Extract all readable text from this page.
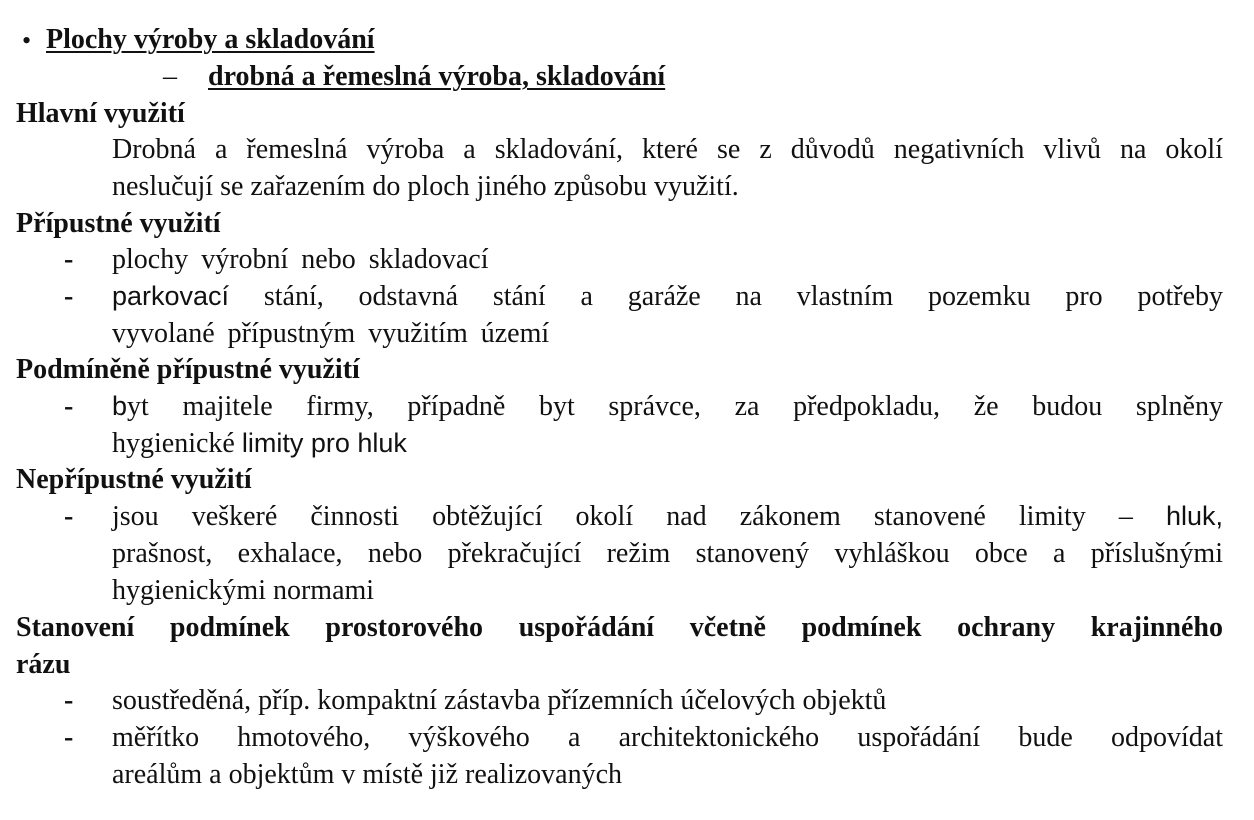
• Plochy výroby a skladování
– drobná a řemeslná výroba, skladování
Hlavní využití
Drobná a řemeslná výroba a skladování, které se z důvodů negativních vlivů na okolí
neslučují se zařazením do ploch jiného způsobu využití.
Přípustné využití
- plochy výrobní nebo skladovací
- parkovací stání, odstavná stání a garáže na vlastním pozemku pro potřeby
vyvolané přípustným využitím území
Podmíněně přípustné využití
- byt majitele firmy, případně byt správce, za předpokladu, že budou splněny
hygienické limity pro hluk
Nepřípustné využití
- jsou veškeré činnosti obtěžující okolí nad zákonem stanovené limity – hluk,
prašnost, exhalace, nebo překračující režim stanovený vyhláškou obce a příslušnými
hygienickými normami
Stanovení podmínek prostorového uspořádání včetně podmínek ochrany krajinného
rázu
- soustředěná, příp. kompaktní zástavba přízemních účelových objektů
- měřítko hmotového, výškového a architektonického uspořádání bude odpovídat
areálům a objektům v místě již realizovaných
